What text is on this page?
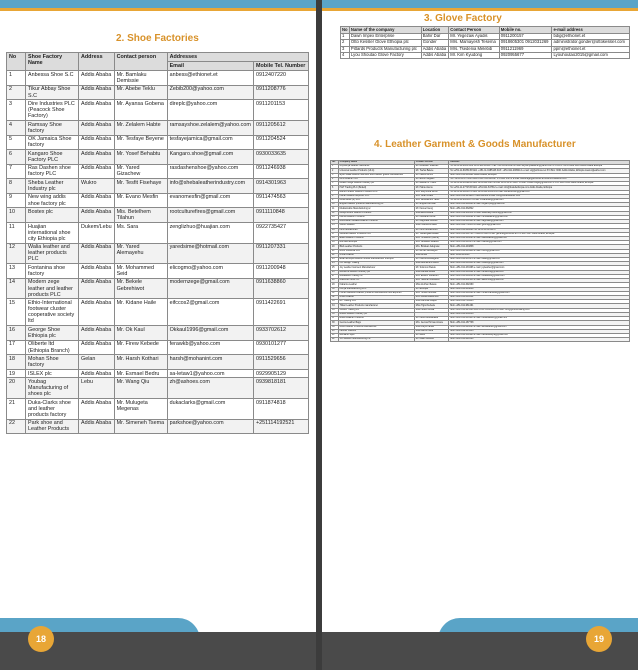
2. Shoe Factories
No	Shoe Factory Name	Address	Contact person	Addresses	
				Email	Mobile Tel. Number
1	Anbessa Shoe S.C	Addis Ababa	Mr. Bamlaku Demissie	anbess@ethionet.et	0912407220
2	Tikur Abbay Shoe S.C	Addis Ababa	Mr. Abebe Teklu	Zebib200@yahoo.com	0911208776
3	Dire Industries PLC (Peacock Shoe Factory)	Addis Ababa	Mr. Ayansa Gobena	direplc@yahoo.com	0911201153
4	Ramsay Shoe factory	Addis Ababa	Mr. Zelalem Habte	ramsayshoe.zelalem@yahoo.com	0911205612
5	OK Jamaica Shoe factory	Addis Ababa	Mr. Tesfaye Beyene	tesfayejamica@gmail.com	0911204524
6	Kangaro Shoe Factory PLC	Addis Ababa	Mr. Yosef Behabtu	Kangaro.shoe@gmail.com	0930033635
7	Ras Dashen shoe factory PLC	Addis Ababa	Mr. Yared Gizachew	rasdashenshoe@yahoo.com	0911246938
8	Sheba Leather Industry plc	Wukro	Mr. Tesfit Fisehaye	info@shebaleatherindustry.com	0914301963
9	New wing addis shoe factory plc	Addis Ababa	Mr. Evano Mesfin	evanomesfin@gmail.com	0911474563
10	Bostex plc	Addis Ababa	Mis. Betelhem Tilahun	rootculturefires@gmail.com	0911110848
11	Huajian international shoe city Ethiopia plc	Dukem/Lebu	Ms. Sara	zenglizhuo@huajian.com	0922735427
12	Walia leather and leather products PLC	Addis Ababa	Mr. Yared Alemayehu	yaredsime@hotmail.com	0911207331
13	Fontanina shoe factory	Addis Ababa	Mr. Mohammed Seid	elicogmo@yahoo.com	0911200948
14	Modern zege leather and leather products PLC	Addis Ababa	Mr. Bekele Gebrehiwot	modernzege@gmail.com	0911638860
15	Ethio-International footwear cluster cooperative society ltd	Addis Ababa	Mr. Kidane Haile	eifccos2@gmail.com	0911422691
16	George Shoe Ethiopia plc	Addis Ababa	Mr. Ok Kaul	Okkaul1996@gmail.com	0933702612
17	Oliberte ltd (Ethiopia Branch)	Addis Ababa	Mr. Firew Kebede	ferawkb@yahoo.com	0930101277
18	Mohan Shoe factory	Gelan	Mr. Harsh Kothari	harsh@mohanint.com	0911529656
19	ISLEX plc	Addis Ababa	Mr. Esmael Bedru	sa-letaw1@yahoo.com	0929905129
20	Youbag Manufacturing of shoes plc	Lebu	Mr. Wang Qiu	zh@ashoes.com	0939818181
21	Duka-Clarks shoe and leather products factory	Addis Ababa	Mr. Mulugeta Megenas	dukaclarks@gmail.com	0911874818
22	Park shoe and Leather Products	Addis Ababa	Mr. Simeneh Tsema	parkshoe@yahoo.com	+251114192521
18
3. Glove Factory
No	Name of the company	Location	Contact Person	Mobile no.	e-mail address
1	Dawn Impex Enterprise	Bahir Dar	Mr. Yegezaw Ayadis	0911200157	bdig@ethionet.et
2	Otto Kessler Glove Ethiopia plc	Gonder	Mrs. Mamayesh Tesema	0918605301 0912031269	administrator.gonder@ottokessler.com
3	Pittards Products Manufacturing plc	Addis Ababa	Mrs. Tsedenia Melebib	0911211969	ppm@ethionet.et
4	Lyou Shoutao Glove Factory	Addis Ababa	Mr. Kim Kyudong	0920955677	Lyouhoutao2015@gmail.com
4. Leather Garment & Goods Manufacturer
No.	Company Name	Contact Person	Address
1	Abyssinya Leather Garments	Mr. Abraham Tekleziel	Tel +251-11-6183 Mob +251-911-228127 Fax. 251-116631594 e-mail: abyssinyaleather@yahoo.com P.O.BOX: 8851 code 1110 Addis Ababa Ethiopia
2	Universal Leather Products (ULG)	Mr. Tsehai Belete	Tel +251-11-6185145 Mob. +251-11-6185146 FAX: +251-911-2080412 e-mail: ulg@ethionet.et P.O.Box: 9001 Addis Ababa, Ethiopia www.ulgleather.com
3	Eyob Waka Leather Garment and Leather goods manufacturer	Mr. Fasusi Birmo	Mob +251-911-284481 Addis Ababa, Ethiopia
4	Mimi Leather PLC	Mr. Efrem Negash	Tel: +251-11-2770045 Mob +251-911-244397 P.O.Box 45273 e-mail: kifleshege@ethionet.et www.mimileather.com
5	Modern Zege Leather Industry plc	Mr. Bekele G. Hiwot	Tel +251-11-4169954 Mob +251-911-638750 Fax +251-11-4711437 e-mail: modernzege@gmail.com P.O.B 1018 1000 Addis Ababa, Ethiopia
6	H&T Trading PLC (Bodell)	Mr. Habte Alemu	Tel +251-11-2772726 Mob +251-911-647512 e-mail: info@bodellethiopia.com Addis Ababa, Ethiopia
7	Barrel Forever Leather Products PLC	Mrs. Meymuna Sirour	Tel +251-11-3206576 Mob +251-911-403133 e-mail: barrelforever@gmail.com
8	Lishan Leather Exporter PLC	Mrs. Noah Fuard	Mob +251-913-329904 / 0911382466 e-mail: info@lishanleather.com
9	Mota Nettle (R) PLC	Mrs. Bethelehem Tafes	Tel +251-11-6183367 e-mail: motanettle@gmail.com
10	Engidu Leather products Manufacturing plc	Mr. Engidu Demisie	Mob +251-911-209264 e-mail: engidu.plc@gmail.com
11	Mediaccable Manufacturing sc	Mr. Fanuel Geng	Mob +251-911-632822
12	Melllymoners Leather Products	Miss Elsa Assefa	Mob +251-912-092131 e-mail: elsamellymoners@gmail.com
13	Nenna Leather Products	Mr. Netsanet Amha	Mob +251-911-180892 e-mail: nennaleather@gmail.com
14	Redchatter Mesasa Leather Products	Mr. Dagmawi Ashebe	Mob +251-911-200960 e-mail: dagmawi@gmail.com
15	Gitumi Leather	Miss Tewodros Aklilu	Mob +251-944-732333 e-mail: gitumi@gmail.com
16	Lomi Mohammed	Mr. Lomi Mohammed	Mob +251-911-496680 Tel +251-11-5531072
17	General Leather Products PLC	Mr. Tesfamgaa Desale	Mob +251-911-480700 / 0911617960 e-mail: general@ethionet.et P.O.Box 1127 Addis Ababa, Ethiopia
18	Eselo Leather Products	Mrs. Tinsahunt (Alene)	Mob +251-911-165093 e-mail: eseloleather@gmail.com
19	Bile Bile Ethiopia	Mrs. Netsanet Zelalem	Mob +251-911-483976 e-mail: bilebile@gmail.com
20	BEA Leather Products	Mrs. Birtukan Adugnaw	Mob +251-911-204838
21	Bilchi Industrial PLC	Mr. Birhan Gezahgne	Mob +251-911-404949 e-mail: bilchi@gmail.com
22	Amde Leather	Miss Amde	Mob: 0911-014330
23	Ewan Ethiopia Leather Goods Manufacturer & Export	Mr. Fiseha Weldegebe	Mob +251-911-235979 e-mail: ewan@gmail.com
24	OC Design Trading	Miss Bethlehem Asefa	Mob +251-911-006440 e-mail: ocdesign@gmail.com
25	Joy Leather Garment Manufacturer	Mr. Solomon Beletu	Mob +251-911-233496 e-mail: joyleather@gmail.com
26	Bersecca Leather Industry plc	Miss Rahwa Desta	Mob +251-911-286262 e-mail: bersecca@gmail.com
27	Redleaved Trading Plc	Mrs. Essent Tesfamon	Mob +251-911-486059 e-mail: redleaved@gmail.com
28	Adenmus Shoe S.c	Mrs. Tasfinan Diessebs	Mob +251-911-231910 e-mail: adenmus@gmail.com
29	Nabarna Leather	Miss Zerihun Bekele	Mob +251-911-692260
30	Kenya Manufacturing PLC	Mr. Ethiopia	Mob +251-911-204849
31	Honeb Manifest Leather products manufacturer and Exporter	Mrs. Honeb Mohelle	Mob +251-911-686380 e-mail: honebmanifest@gmail.com
32	Amen Leather	Mrs. Abeba Mekonnen	Mob +251-911-083332
33	RP Trading PLC	Miss Rahmat Abajito	Mob +251-911-783245
34	Tilikar Leather Products manufacturer	Miss Tigist Kebede	Mob +251-911-961291
35	Gibbon Trading Plc	Miss Solen Dessa	Mob +251-911-225228 Mob +251-913308859 e-mail: info@gibbontrading.com
36	Bodou Leather Industry plc		Mob +251-911-630016
37	Bodib Leather Products	Mr. Fahd Abdulahasai	Mob +251-911-416913 e-mail: bodibleather@gmail.com
38	Genna Leather Bags	Mrs. Genna Hirmas Amare	Mob +251-911-187738
39	Ashu Leather Products Manufacture	Miss Lidya Hafisa	Mob +251-911-426695 e-mail: ashuleather@gmail.com
40	Lesther Fashion	Miss Meron Girai	Mob +251-912-115233
41	Bethanie Style	Mr. Bilelli	Mob +251-911-160966 e-mail: bethaniestyle@gmail.com
42	Jim Leather Manufacturing Plc	Mr. Dawit Kebebe	Mob +251-911-248520
19
